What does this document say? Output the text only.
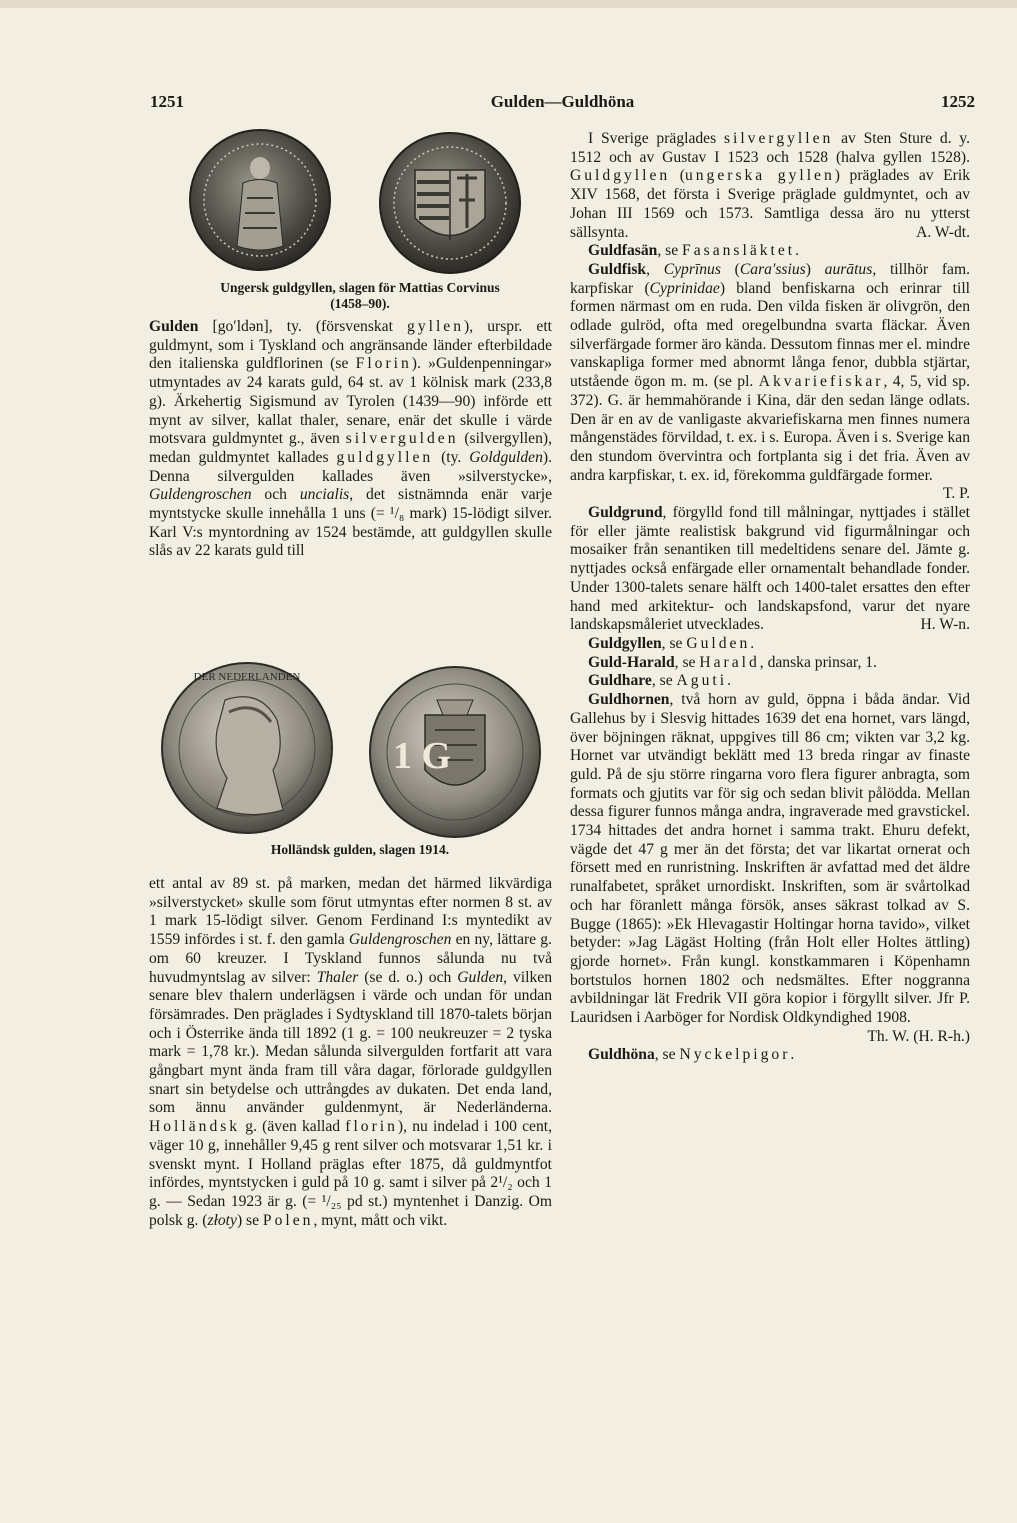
1251	Gulden—Guldhöna	1252
Ungersk guldgyllen, slagen för Mattias Corvinus
(1458–90).

Gulden [go′ldən], ty. (försvenskat gyllen), urspr. ett guldmynt, som i Tyskland och angränsande länder efterbildade den italienska guldflorinen (se Florin). »Guldenpenningar» utmyntades av 24 karats guld, 64 st. av 1 kölnisk mark (233,8 g). Ärkehertig Sigismund av Tyrolen (1439—90) införde ett mynt av silver, kallat thaler, senare, enär det skulle i värde motsvara guldmyntet g., även silvergulden (silvergyllen), medan guldmyntet kallades guldgyllen (ty. Goldgulden). Denna silvergulden kallades även »silverstycke», Guldengroschen och uncialis, det sistnämnda enär varje myntstycke skulle innehålla 1 uns (= ¹/₈ mark) 15-lödigt silver. Karl V:s myntordning av 1524 bestämde, att guldgyllen skulle slås av 22 karats guld till

DER NEDERLANDEN
1 G
Holländsk gulden, slagen 1914.

ett antal av 89 st. på marken, medan det härmed likvärdiga »silverstycket» skulle som förut utmyntas efter normen 8 st. av 1 mark 15-lödigt silver. Genom Ferdinand I:s myntedikt av 1559 infördes i st. f. den gamla Guldengroschen en ny, lättare g. om 60 kreuzer. I Tyskland funnos sålunda nu två huvudmyntslag av silver: Thaler (se d. o.) och Gulden, vilken senare blev thalern underlägsen i värde och undan för undan försämrades. Den präglades i Sydtyskland till 1870-talets början och i Österrike ända till 1892 (1 g. = 100 neukreuzer = 2 tyska mark = 1,78 kr.). Medan sålunda silvergulden fortfarit att vara gångbart mynt ända fram till våra dagar, förlorade guldgyllen snart sin betydelse och uttrångdes av dukaten. Det enda land, som ännu använder guldenmynt, är Nederländerna. Holländsk g. (även kallad florin), nu indelad i 100 cent, väger 10 g, innehåller 9,45 g rent silver och motsvarar 1,51 kr. i svenskt mynt. I Holland präglas efter 1875, då guldmyntfot infördes, myntstycken i guld på 10 g. samt i silver på 2¹/₂ och 1 g. — Sedan 1923 är g. (= ¹/₂₅ pd st.) myntenhet i Danzig. Om polsk g. (złoty) se Polen, mynt, mått och vikt.

I Sverige präglades silvergyllen av Sten Sture d. y. 1512 och av Gustav I 1523 och 1528 (halva gyllen 1528). Guldgyllen (ungerska gyllen) präglades av Erik XIV 1568, det första i Sverige präglade guldmyntet, och av Johan III 1569 och 1573. Samtliga dessa äro nu ytterst sällsynta.	A. W-dt.

Guldfasän, se Fasansläktet.

Guldfisk, Cyprīnus (Cara′ssius) aurātus, tillhör fam. karpfiskar (Cyprinidae) bland benfiskarna och erinrar till formen närmast om en ruda. Den vilda fisken är olivgrön, den odlade gulröd, ofta med oregelbundna svarta fläckar. Även silverfärgade former äro kända. Dessutom finnas mer el. mindre vanskapliga former med abnormt långa fenor, dubbla stjärtar, utstående ögon m. m. (se pl. Akvariefiskar, 4, 5, vid sp. 372). G. är hemmahörande i Kina, där den sedan länge odlats. Den är en av de vanligaste akvariefiskarna men finnes numera mångenstädes förvildad, t. ex. i s. Europa. Även i s. Sverige kan den stundom övervintra och fortplanta sig i det fria. Även av andra karpfiskar, t. ex. id, förekomma guldfärgade former.
T. P.

Guldgrund, förgylld fond till målningar, nyttjades i stället för eller jämte realistisk bakgrund vid figurmålningar och mosaiker från senantiken till medeltidens senare del. Jämte g. nyttjades också enfärgade eller ornamentalt behandlade fonder. Under 1300-talets senare hälft och 1400-talet ersattes den efter hand med arkitektur- och landskapsfond, varur det nyare landskapsmåleriet utvecklades.	H. W-n.

Guldgyllen, se Gulden.

Guld-Harald, se Harald, danska prinsar, 1.

Guldhare, se Aguti.

Guldhornen, två horn av guld, öppna i båda ändar. Vid Gallehus by i Slesvig hittades 1639 det ena hornet, vars längd, över böjningen räknat, uppgives till 86 cm; vikten var 3,2 kg. Hornet var utvändigt beklätt med 13 breda ringar av finaste guld. På de sju större ringarna voro flera figurer anbragta, som formats och gjutits var för sig och sedan blivit pålödda. Mellan dessa figurer funnos många andra, ingraverade med gravstickel. 1734 hittades det andra hornet i samma trakt. Ehuru defekt, vägde det 47 g mer än det första; det var likartat ornerat och försett med en runristning. Inskriften är avfattad med det äldre runalfabetet, språket urnordiskt. Inskriften, som är svårtolkad och har föranlett många försök, anses säkrast tolkad av S. Bugge (1865): »Ek Hlevagastir Holtingar horna tavido», vilket betyder: »Jag Lägäst Holting (från Holt eller Holtes ättling) gjorde hornet». Från kungl. konstkammaren i Köpenhamn bortstulos hornen 1802 och nedsmältes. Efter noggranna avbildningar lät Fredrik VII göra kopior i förgyllt silver. Jfr P. Lauridsen i Aarböger for Nordisk Oldkyndighed 1908.
Th. W. (H. R-h.)

Guldhöna, se Nyckelpigor.
